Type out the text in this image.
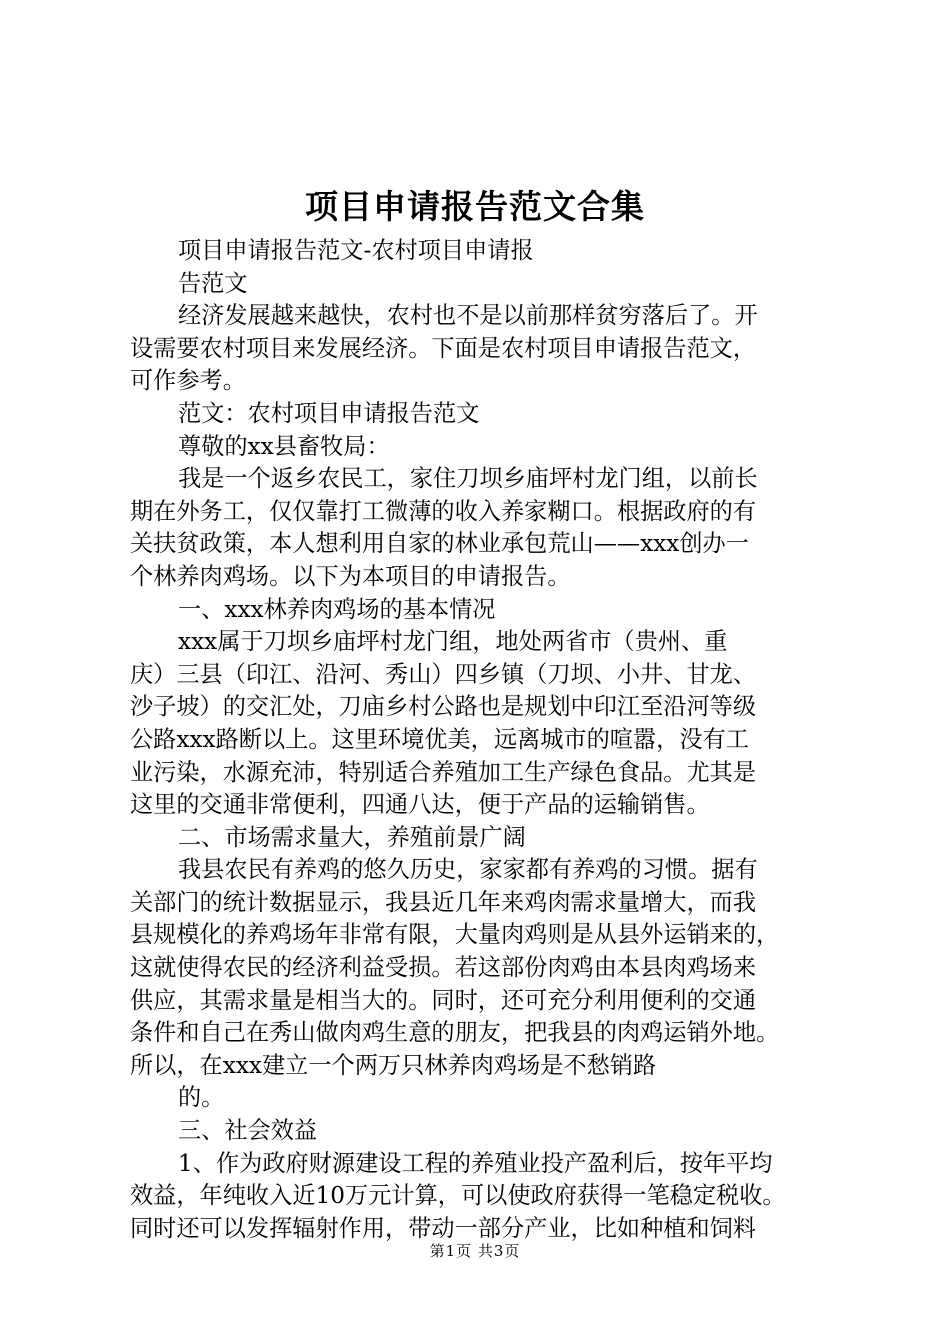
项目申请报告范文合集

项目申请报告范文-农村项目申请报

告范文

经济发展越来越快，农村也不是以前那样贫穷落后了。开

设需要农村项目来发展经济。下面是农村项目申请报告范文，

可作参考。

范文：农村项目申请报告范文

尊敬的xx县畜牧局：

我是一个返乡农民工，家住刀坝乡庙坪村龙门组，以前长

期在外务工，仅仅靠打工微薄的收入养家糊口。根据政府的有

关扶贫政策，本人想利用自家的林业承包荒山——xxx创办一

个林养肉鸡场。以下为本项目的申请报告。

一、xxx林养肉鸡场的基本情况

xxx属于刀坝乡庙坪村龙门组，地处两省市（贵州、重

庆）三县（印江、沿河、秀山）四乡镇（刀坝、小井、甘龙、

沙子坡）的交汇处，刀庙乡村公路也是规划中印江至沿河等级

公路xxx路断以上。这里环境优美，远离城市的喧嚣，没有工

业污染，水源充沛，特别适合养殖加工生产绿色食品。尤其是

这里的交通非常便利，四通八达，便于产品的运输销售。

二、市场需求量大，养殖前景广阔

我县农民有养鸡的悠久历史，家家都有养鸡的习惯。据有

关部门的统计数据显示，我县近几年来鸡肉需求量增大，而我

县规模化的养鸡场年非常有限，大量肉鸡则是从县外运销来的，

这就使得农民的经济利益受损。若这部份肉鸡由本县肉鸡场来

供应，其需求量是相当大的。同时，还可充分利用便利的交通

条件和自己在秀山做肉鸡生意的朋友，把我县的肉鸡运销外地。

所以，在xxx建立一个两万只林养肉鸡场是不愁销路

的。

三、社会效益

1、作为政府财源建设工程的养殖业投产盈利后，按年平均

效益，年纯收入近10万元计算，可以使政府获得一笔稳定税收。

同时还可以发挥辐射作用，带动一部分产业，比如种植和饲料

第1页 共3页
